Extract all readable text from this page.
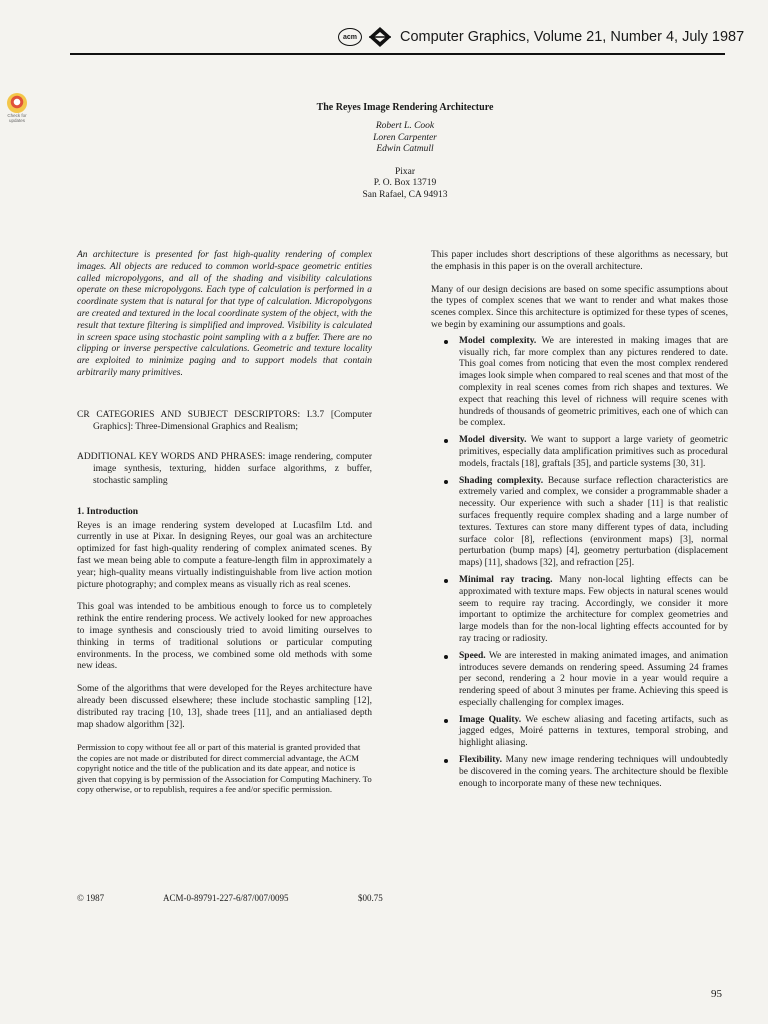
acm	Computer Graphics, Volume 21, Number 4, July 1987
Check for updates
The Reyes Image Rendering Architecture
Robert L. Cook
Loren Carpenter
Edwin Catmull
Pixar
P. O. Box 13719
San Rafael, CA 94913

An architecture is presented for fast high-quality rendering of complex images. All objects are reduced to common world-space geometric entities called micropolygons, and all of the shading and visibility calculations operate on these micropolygons. Each type of calculation is performed in a coordinate system that is natural for that type of calculation. Micropolygons are created and textured in the local coordinate system of the object, with the result that texture filtering is simplified and improved. Visibility is calculated in screen space using stochastic point sampling with a z buffer. There are no clipping or inverse perspective calculations. Geometric and texture locality are exploited to minimize paging and to support models that contain arbitrarily many primitives.

CR CATEGORIES AND SUBJECT DESCRIPTORS: I.3.7 [Computer Graphics]: Three-Dimensional Graphics and Realism;

ADDITIONAL KEY WORDS AND PHRASES: image rendering, computer image synthesis, texturing, hidden surface algorithms, z buffer, stochastic sampling

1. Introduction

Reyes is an image rendering system developed at Lucasfilm Ltd. and currently in use at Pixar. In designing Reyes, our goal was an architecture optimized for fast high-quality rendering of complex animated scenes. By fast we mean being able to compute a feature-length film in approximately a year; high-quality means virtually indistinguishable from live action motion picture photography; and complex means as visually rich as real scenes.

This goal was intended to be ambitious enough to force us to completely rethink the entire rendering process. We actively looked for new approaches to image synthesis and consciously tried to avoid limiting ourselves to thinking in terms of traditional solutions or particular computing environments. In the process, we combined some old methods with some new ideas.

Some of the algorithms that were developed for the Reyes architecture have already been discussed elsewhere; these include stochastic sampling [12], distributed ray tracing [10, 13], shade trees [11], and an antialiased depth map shadow algorithm [32].

Permission to copy without fee all or part of this material is granted provided that the copies are not made or distributed for direct commercial advantage, the ACM copyright notice and the title of the publication and its date appear, and notice is given that copying is by permission of the Association for Computing Machinery. To copy otherwise, or to republish, requires a fee and/or specific permission.

© 1987	ACM-0-89791-227-6/87/007/0095	$00.75

This paper includes short descriptions of these algorithms as necessary, but the emphasis in this paper is on the overall architecture.

Many of our design decisions are based on some specific assumptions about the types of complex scenes that we want to render and what makes those scenes complex. Since this architecture is optimized for these types of scenes, we begin by examining our assumptions and goals.

Model complexity. We are interested in making images that are visually rich, far more complex than any pictures rendered to date. This goal comes from noticing that even the most complex rendered images look simple when compared to real scenes and that most of the complexity in real scenes comes from rich shapes and textures. We expect that reaching this level of richness will require scenes with hundreds of thousands of geometric primitives, each one of which can be complex.
Model diversity. We want to support a large variety of geometric primitives, especially data amplification primitives such as procedural models, fractals [18], graftals [35], and particle systems [30, 31].
Shading complexity. Because surface reflection characteristics are extremely varied and complex, we consider a programmable shader a necessity. Our experience with such a shader [11] is that realistic surfaces frequently require complex shading and a large number of textures. Textures can store many different types of data, including surface color [8], reflections (environment maps) [3], normal perturbation (bump maps) [4], geometry perturbation (displacement maps) [11], shadows [32], and refraction [25].
Minimal ray tracing. Many non-local lighting effects can be approximated with texture maps. Few objects in natural scenes would seem to require ray tracing. Accordingly, we consider it more important to optimize the architecture for complex geometries and large models than for the non-local lighting effects accounted for by ray tracing or radiosity.
Speed. We are interested in making animated images, and animation introduces severe demands on rendering speed. Assuming 24 frames per second, rendering a 2 hour movie in a year would require a rendering speed of about 3 minutes per frame. Achieving this speed is especially challenging for complex images.
Image Quality. We eschew aliasing and faceting artifacts, such as jagged edges, Moiré patterns in textures, temporal strobing, and highlight aliasing.
Flexibility. Many new image rendering techniques will undoubtedly be discovered in the coming years. The architecture should be flexible enough to incorporate many of these new techniques.
95
